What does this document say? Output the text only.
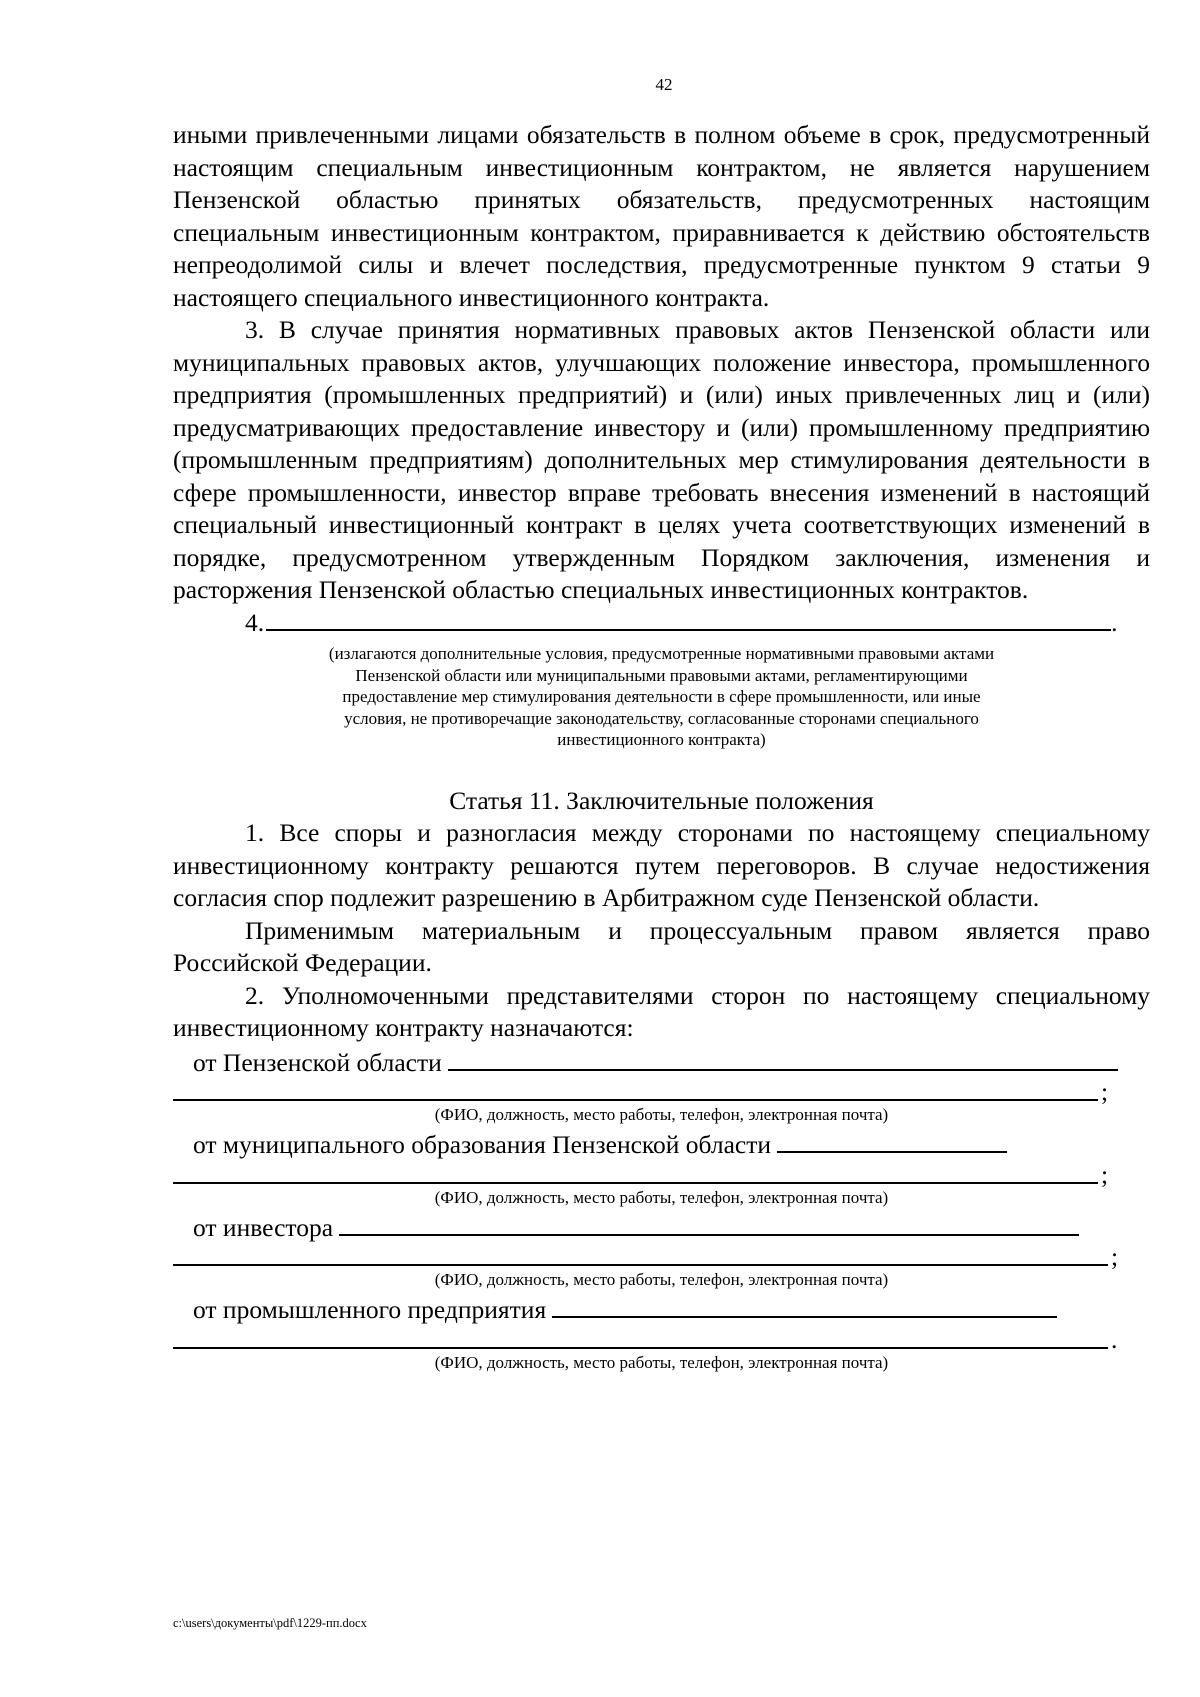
42

иными привлеченными лицами обязательств в полном объеме в срок, предусмотренный настоящим специальным инвестиционным контрактом, не является нарушением Пензенской областью принятых обязательств, предусмотренных настоящим специальным инвестиционным контрактом, приравнивается к действию обстоятельств непреодолимой силы и влечет последствия, предусмотренные пунктом 9 статьи 9 настоящего специального инвестиционного контракта.

3. В случае принятия нормативных правовых актов Пензенской области или муниципальных правовых актов, улучшающих положение инвестора, промышленного предприятия (промышленных предприятий) и (или) иных привлеченных лиц и (или) предусматривающих предоставление инвестору и (или) промышленному предприятию (промышленным предприятиям) дополнительных мер стимулирования деятельности в сфере промышленности, инвестор вправе требовать внесения изменений в настоящий специальный инвестиционный контракт в целях учета соответствующих изменений в порядке, предусмотренном утвержденным Порядком заключения, изменения и расторжения Пензенской областью специальных инвестиционных контрактов.

4.	.
(излагаются дополнительные условия, предусмотренные нормативными правовыми актами Пензенской области или муниципальными правовыми актами, регламентирующими предоставление мер стимулирования деятельности в сфере промышленности, или иные условия, не противоречащие законодательству, согласованные сторонами специального инвестиционного контракта)
Статья 11. Заключительные положения

1. Все споры и разногласия между сторонами по настоящему специальному инвестиционному контракту решаются путем переговоров. В случае недостижения согласия спор подлежит разрешению в Арбитражном суде Пензенской области.

Применимым материальным и процессуальным правом является право Российской Федерации.

2. Уполномоченными представителями сторон по настоящему специальному инвестиционному контракту назначаются:

от Пензенской области
;
(ФИО, должность, место работы, телефон, электронная почта)
от муниципального образования Пензенской области
;
(ФИО, должность, место работы, телефон, электронная почта)
от инвестора
;
(ФИО, должность, место работы, телефон, электронная почта)
от промышленного предприятия
.
(ФИО, должность, место работы, телефон, электронная почта)
c:\users\документы\pdf\1229-пп.docx
